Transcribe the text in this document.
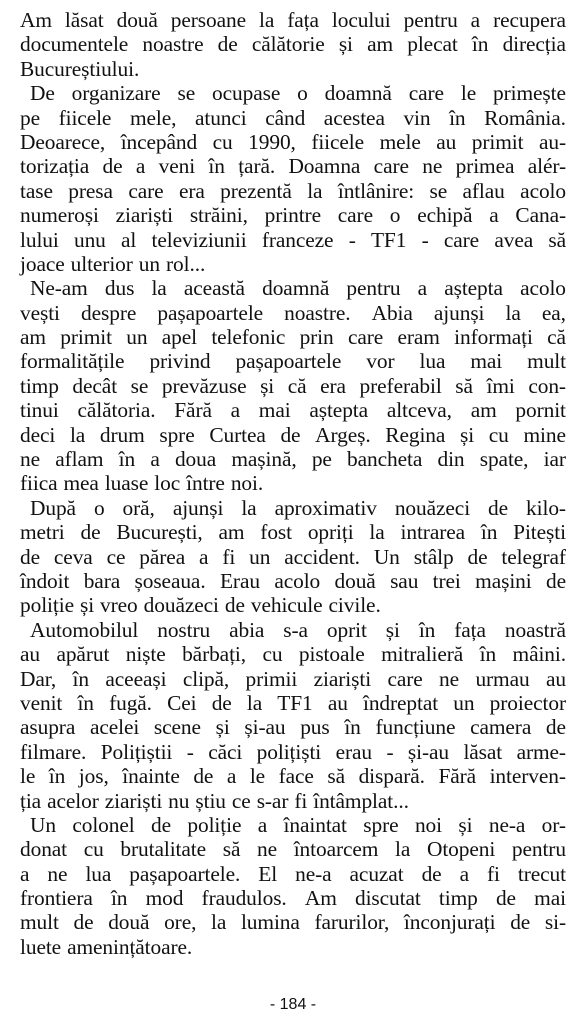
Am lăsat două persoane la fața locului pentru a recupera
documentele noastre de călătorie și am plecat în direcția
Bucureștiului.
De organizare se ocupase o doamnă care le primește
pe fiicele mele, atunci când acestea vin în România.
Deoarece, începând cu 1990, fiicele mele au primit au-
torizația de a veni în țară. Doamna care ne primea alér-
tase presa care era prezentă la întlânire: se aflau acolo
numeroși ziariști străini, printre care o echipă a Cana-
lului unu al televiziunii franceze - TF1 - care avea să
joace ulterior un rol...
Ne-am dus la această doamnă pentru a aștepta acolo
vești despre pașapoartele noastre. Abia ajunși la ea,
am primit un apel telefonic prin care eram informați că
formalitățile privind pașapoartele vor lua mai mult
timp decât se prevăzuse și că era preferabil să îmi con-
tinui călătoria. Fără a mai aștepta altceva, am pornit
deci la drum spre Curtea de Argeș. Regina și cu mine
ne aflam în a doua mașină, pe bancheta din spate, iar
fiica mea luase loc între noi.
După o oră, ajunși la aproximativ nouăzeci de kilo-
metri de București, am fost opriți la intrarea în Pitești
de ceva ce părea a fi un accident. Un stâlp de telegraf
îndoit bara șoseaua. Erau acolo două sau trei mașini de
poliție și vreo douăzeci de vehicule civile.
Automobilul nostru abia s-a oprit și în fața noastră
au apărut niște bărbați, cu pistoale mitralieră în mâini.
Dar, în aceeași clipă, primii ziariști care ne urmau au
venit în fugă. Cei de la TF1 au îndreptat un proiector
asupra acelei scene și și-au pus în funcțiune camera de
filmare. Polițiștii - căci polițiști erau - și-au lăsat arme-
le în jos, înainte de a le face să dispară. Fără interven-
ția acelor ziariști nu știu ce s-ar fi întâmplat...
Un colonel de poliție a înaintat spre noi și ne-a or-
donat cu brutalitate să ne întoarcem la Otopeni pentru
a ne lua pașapoartele. El ne-a acuzat de a fi trecut
frontiera în mod fraudulos. Am discutat timp de mai
mult de două ore, la lumina farurilor, înconjurați de si-
luete amenințătoare.
- 184 -
